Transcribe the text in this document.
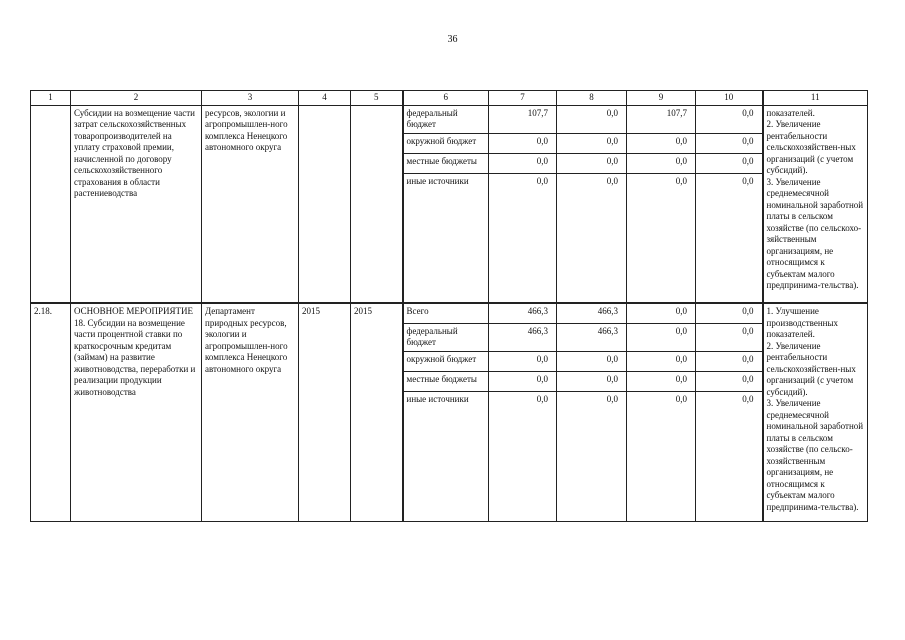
36
1	2	3	4	5	6	7	8	9	10	11
	Субсидии на возмещение части затрат сельскохозяйственных товаропроизводителей на уплату страховой премии, начисленной по договору сельскохозяйственного страхования в области растениеводства	ресурсов, экологии и агропромышлен-ного комплекса Ненецкого автономного округа			федеральный бюджет	107,7	0,0	107,7	0,0	показателей.
2. Увеличение рентабельности сельскохозяйствен-ных организаций (с учетом субсидий).
3. Увеличение среднемесячной номинальной заработной платы в сельском хозяйстве (по сельскохо-зяйственным организациям, не относящимся к субъектам малого предпринима-тельства).
					окружной бюджет	0,0	0,0	0,0	0,0	
					местные бюджеты	0,0	0,0	0,0	0,0	
					иные источники	0,0	0,0	0,0	0,0	
2.18.	ОСНОВНОЕ МЕРОПРИЯТИЕ 18. Субсидии на возмещение части процентной ставки по краткосрочным кредитам (займам) на развитие животноводства, переработки и реализации продукции животноводства	Департамент природных ресурсов, экологии и агропромышлен-ного комплекса Ненецкого автономного округа	2015	2015	Всего	466,3	466,3	0,0	0,0	1. Улучшение производственных показателей.
2. Увеличение рентабельности сельскохозяйствен-ных организаций (с учетом субсидий).
3. Увеличение среднемесячной номинальной заработной платы в сельском хозяйстве (по сельско-хозяйственным организациям, не относящимся к субъектам малого предпринима-тельства).
					федеральный бюджет	466,3	466,3	0,0	0,0	
					окружной бюджет	0,0	0,0	0,0	0,0	
					местные бюджеты	0,0	0,0	0,0	0,0	
					иные источники	0,0	0,0	0,0	0,0	
